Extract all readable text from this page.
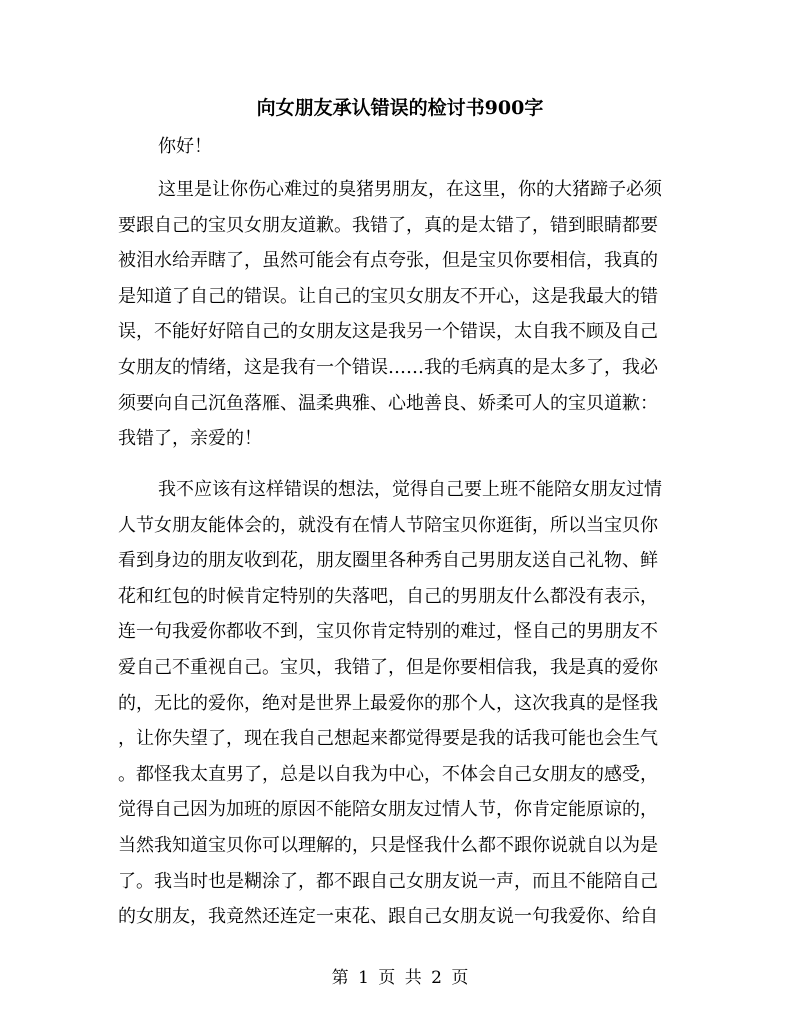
向女朋友承认错误的检讨书900字
你好！
这里是让你伤心难过的臭猪男朋友，在这里，你的大猪蹄子必须
要跟自己的宝贝女朋友道歉。我错了，真的是太错了，错到眼睛都要
被泪水给弄瞎了，虽然可能会有点夸张，但是宝贝你要相信，我真的
是知道了自己的错误。让自己的宝贝女朋友不开心，这是我最大的错
误，不能好好陪自己的女朋友这是我另一个错误，太自我不顾及自己
女朋友的情绪，这是我有一个错误……我的毛病真的是太多了，我必
须要向自己沉鱼落雁、温柔典雅、心地善良、娇柔可人的宝贝道歉：
我错了，亲爱的！
我不应该有这样错误的想法，觉得自己要上班不能陪女朋友过情
人节女朋友能体会的，就没有在情人节陪宝贝你逛街，所以当宝贝你
看到身边的朋友收到花，朋友圈里各种秀自己男朋友送自己礼物、鲜
花和红包的时候肯定特别的失落吧，自己的男朋友什么都没有表示，
连一句我爱你都收不到，宝贝你肯定特别的难过，怪自己的男朋友不
爱自己不重视自己。宝贝，我错了，但是你要相信我，我是真的爱你
的，无比的爱你，绝对是世界上最爱你的那个人，这次我真的是怪我
，让你失望了，现在我自己想起来都觉得要是我的话我可能也会生气
。都怪我太直男了，总是以自我为中心，不体会自己女朋友的感受，
觉得自己因为加班的原因不能陪女朋友过情人节，你肯定能原谅的，
当然我知道宝贝你可以理解的，只是怪我什么都不跟你说就自以为是
了。我当时也是糊涂了，都不跟自己女朋友说一声，而且不能陪自己
的女朋友，我竟然还连定一束花、跟自己女朋友说一句我爱你、给自
第 1 页 共 2 页
